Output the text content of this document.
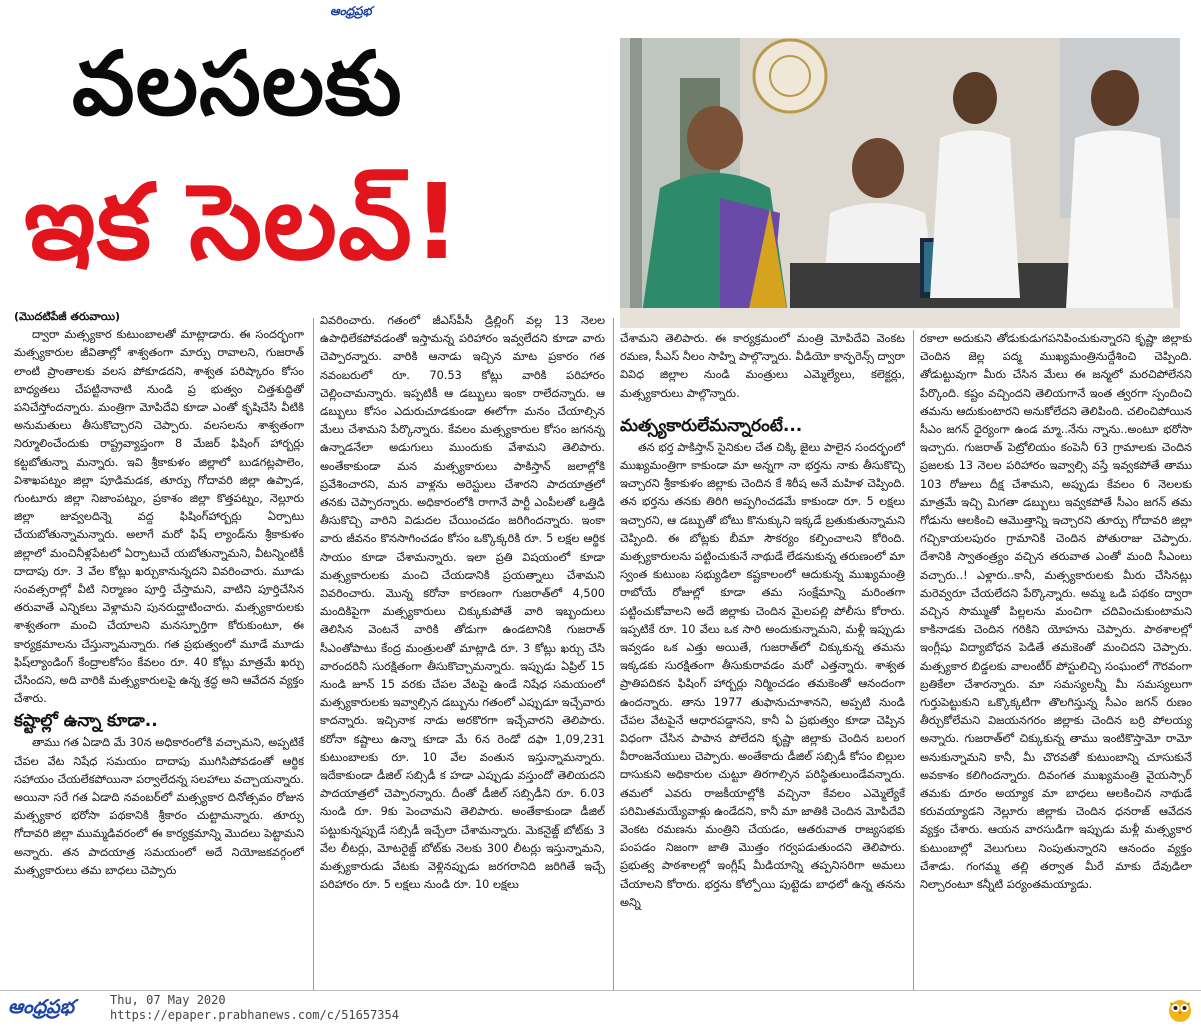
ఆంధ్రప్రభ
వలసలకు
ఇక సెలవ్!

(మొదటిపేజీ తరువాయి)

ద్వారా మత్స్యకార కుటుంబాలతో మాట్లాడారు. ఈ సందర్భంగా మత్స్యకారుల జీవితాల్లో శాశ్వతంగా మార్పు రావాలని, గుజరాత్ లాంటి ప్రాంతాలకు వలస పోకూడదని, శాశ్వత పరిష్కారం కోసం బాధ్యతలు చేపట్టినానాటి నుండి ప్ర భుత్వం చిత్తశుద్ధితో పనిచేస్తోందన్నారు. మంత్రిగా మోపిదేవి కూడా ఎంతో కృషిచేసి వీటికి అనుమతులు తీసుకొచ్చారని చెప్పారు. వలసలను శాశ్వతంగా నిర్మూలించేందుకు రాష్ట్రవ్యాప్తంగా 8 మేజర్ ఫిషింగ్ హార్బర్లు కట్టబోతున్నా మన్నారు. ఇవి శ్రీకాకుళం జిల్లాలో బుడగట్లపాలెం, విశాఖపట్నం జిల్లా పూడిమడక, తూర్పు గోదావరి జిల్లా ఉప్పాడ, గుంటూరు జిల్లా నిజాంపట్నం, ప్రకాశం జిల్లా కొత్తపట్నం, నెల్లూరు జిల్లా జువ్వలదిన్నె వద్ద ఫిషింగ్‌హార్బర్లు ఏర్పాటు చేయబోతున్నామన్నారు. అలాగే మరో ఫిష్ ల్యాండ్‌ను శ్రీకాకుళం జిల్లాలో మంచినీళ్లపేటలో ఏర్పాటుచే యబోతున్నామని, వీటన్నింటికీ దాదాపు రూ. 3 వేల కోట్లు ఖర్చుకానున్నదని వివరించారు. మూడు సంవత్సరాల్లో వీటి నిర్మాణం పూర్తి చేస్తామని, వాటిని పూర్తిచేసిన తరువాతే ఎన్నికలు వెళ్లామని పునరుద్ఘాటించారు. మత్స్యకారులకు శాశ్వతంగా మంచి చేయాలని మనస్ఫూర్తిగా కోరుకుంటూ, ఈ కార్యక్రమాలను చేస్తున్నామన్నారు. గత ప్రభుత్వంలో మూడే మూడు ఫిష్‌ల్యాండింగ్ కేంద్రాలకోసం కేవలం రూ. 40 కోట్లు మాత్రమే ఖర్చు చేసిందని, అది వారికి మత్స్యకారులపై ఉన్న శ్రద్ధ అని ఆవేదన వ్యక్తం చేశారు.

కష్టాల్లో ఉన్నా కూడా..

తాము గత ఏడాది మే 30న అధికారంలోకి వచ్చామని, అప్పటికే చేపల వేట నిషేధ సమయం దాదాపు ముగిసిపోవడంతో ఆర్థిక సహాయం చేయలేకపోయినా పర్వాలేదన్న సలహాలు వచ్చాయన్నారు. అయినా సరే గత ఏడాది నవంబర్‌లో మత్స్యకార దినోత్సవం రోజున మత్స్యకార భరోసా పథకానికి శ్రీకారం చుట్టామన్నారు. తూర్పు గోదావరి జిల్లా ముమ్మడివరంలో ఈ కార్యక్రమాన్ని మొదలు పెట్టామని అన్నారు. తన పాదయాత్ర సమయంలో అదే నియోజకవర్గంలో మత్స్యకారులు తమ బాధలు చెప్పారు

వివరించారు. గతంలో జీఎస్‌పీసీ డ్రిల్లింగ్ వల్ల 13 నెలల ఉపాధిలేకపోవడంతో ఇస్తామన్న పరిహారం ఇవ్వలేదని కూడా వారు చెప్పారన్నారు. వారికి ఆనాడు ఇచ్చిన మాట ప్రకారం గత నవంబరులో రూ. 70.53 కోట్లు వారికి పరిహారం చెల్లించామన్నారు. ఇప్పటికీ ఆ డబ్బులు ఇంకా రాలేదన్నారు. ఆ డబ్బులు కోసం ఎదురుచూడకుండా ఈలోగా మనం చేయాల్సిన మేలు చేశామని పేర్కొన్నారు. కేవలం మత్స్యకారుల కోసం జగనన్న ఉన్నాడనేలా అడుగులు ముందుకు వేశామని తెలిపారు. అంతేకాకుండా మన మత్స్యకారులు పాకిస్తాన్ జలాల్లోకి ప్రవేశించారని, మన వాళ్లను అరెస్టులు చేశారని పాదయాత్రలో తనకు చెప్పారన్నారు. అధికారంలోకి రాగానే పార్టీ ఎంపీలతో ఒత్తిడి తీసుకొచ్చి వారిని విడుదల చేయించడం జరిగిందన్నారు. ఇంకా వారు జీవనం కొనసాగించడం కోసం ఒక్కొక్కరికి రూ. 5 లక్షల ఆర్థిక సాయం కూడా చేశామన్నారు. ఇలా ప్రతి విషయంలో కూడా మత్స్యకారులకు మంచి చేయడానికి ప్రయత్నాలు చేశామని వివరించారు. మొన్న కరోనా కారణంగా గుజరాత్‌లో 4,500 మందికిపైగా మత్స్యకారులు చిక్కుకుపోతే వారి ఇబ్బందులు తెలిసిన వెంటనే వారికి తోడుగా ఉండటానికి గుజరాత్ సీఎంతోపాటు కేంద్ర మంత్రులతో మాట్లాడి రూ. 3 కోట్లు ఖర్చు చేసి వారందరినీ సురక్షితంగా తీసుకొచ్చామన్నారు. ఇప్పుడు ఏప్రిల్ 15 నుండి జూన్ 15 వరకు చేపల వేటపై ఉండే నిషేధ సమయంలో మత్స్యకారులకు ఇవ్వాల్సిన డబ్బును గతంలో ఎప్పుడూ ఇచ్చేవారు కాదన్నారు. ఇచ్చినాక నాడు అరకొరగా ఇచ్చేవారని తెలిపారు. కరోనా కష్టాలు ఉన్నా కూడా మే 6న రెండో దఫా 1,09,231 కుటుంబాలకు రూ. 10 వేల వంతున ఇస్తున్నామన్నారు. ఇదేకాకుండా డీజిల్ సబ్సిడీ క హడా ఎప్పుడు వస్తుందో తెలియదని పాదయాత్రలో చెప్పారన్నారు. దీంతో డీజిల్ సబ్సిడీని రూ. 6.03 నుండి రూ. 9కు పెంచామని తెలిపారు. అంతేకాకుండా డీజిల్ పట్టుకున్నప్పుడే సబ్సిడీ ఇచ్చేలా చేశామన్నారు. మెకనైజ్డ్ బోట్‌కు 3 వేల లీటర్లు, మోటరైజ్డ్ బోట్‌కు నెలకు 300 లీటర్లు ఇస్తున్నామని, మత్స్యకారుడు వేటకు వెళ్లినప్పుడు జరగరానిది జరిగితే ఇచ్చే పరిహారం రూ. 5 లక్షలు నుండి రూ. 10 లక్షలు

చేశామని తెలిపారు. ఈ కార్యక్రమంలో మంత్రి మోపిదేవి వెంకట రమణ, సీఎస్ నీలం సాహ్ని పాల్గొన్నారు. వీడియో కాన్ఫరెన్స్ ద్వారా వివిధ జిల్లాల నుండి మంత్రులు ఎమ్మెల్యేలు, కలెక్టర్లు, మత్స్యకారులు పాల్గొన్నారు.

మత్స్యకారులేమన్నారంటే...

తన భర్త పాకిస్తాన్ సైనికుల చేత చిక్కి జైలు పాలైన సందర్భంలో ముఖ్యమంత్రిగా కాకుండా మా అన్నగా నా భర్తను నాకు తీసుకొచ్చి ఇచ్చారని శ్రీకాకుళం జిల్లాకు చెందిన కే శిరీష అనే మహిళ చెప్పింది. తన భర్తను తనకు తిరిగి అప్పగించడమే కాకుండా రూ. 5 లక్షలు ఇచ్చారని, ఆ డబ్బుతో బోటు కొనుక్కుని ఇక్కడే బ్రతుకుతున్నామని చెప్పింది. ఈ బోట్లకు బీమా సౌకర్యం కల్పించాలని కోరింది. మత్స్యకారులను పట్టించుకునే నాథుడే లేడనుకున్న తరుణంలో మా స్వంత కుటుంబ సభ్యుడిలా కష్టకాలంలో ఆదుకున్న ముఖ్యమంత్రి రాబోయే రోజుల్లో కూడా తమ సంక్షేమాన్ని మరింతగా పట్టించుకోవాలని అదే జిల్లాకు చెందిన మైలపల్లి పోలీసు కోరారు. ఇప్పటికే రూ. 10 వేలు ఒక సారి అందుకున్నామని, మళ్లీ ఇప్పుడు ఇవ్వడం ఒక ఎత్తు అయితే, గుజరాత్‌లో చిక్కుకున్న తమను ఇక్కడకు సురక్షితంగా తీసుకురావడం మరో ఎత్తన్నారు. శాశ్వత ప్రాతిపదికన ఫిషింగ్ హార్బర్లు నిర్మించడం తమకెంతో ఆనందంగా ఉందన్నారు. తాను 1977 తుఫానుచూశానని, అప్పటి నుండి చేపల వేటపైనే ఆధారపడ్డానని, కానీ ఏ ప్రభుత్వం కూడా చెప్పిన విధంగా చేసిన పాపాన పోలేదని కృష్ణా జిల్లాకు చెందిన బలంగ వీరాంజనేయులు చెప్పారు. అంతేకాదు డీజిల్ సబ్సిడీ కోసం బిల్లుల దాసుకుని అధికారుల చుట్టూ తిరగాల్సిన పరిస్థితులుండేవన్నారు. తమలో ఎవరు రాజకీయాల్లోకి వచ్చినా కేవలం ఎమ్మెల్యేకే పరిమితమయ్యేవాళ్లు ఉండేదని, కానీ మా జాతికి చెందిన మోపిదేవి వెంకట రమణను మంత్రిని చేయడం, ఆతరువాత రాజ్యసభకు పంపడం నిజంగా జాతి మొత్తం గర్వపడుతుందని తెలిపారు. ప్రభుత్వ పాఠశాలల్లో ఇంగ్లీష్ మీడియాన్ని తప్పనిసరిగా అమలు చేయాలని కోరారు. భర్తను కోల్పోయి పుట్టెడు బాధలో ఉన్న తనను అన్ని

రకాలా అదుకుని తోడుకుడుగపనిపించుకున్నారని కృష్ణా జిల్లాకు చెందిన జెల్ల పద్మ ముఖ్యమంత్రినుద్దేశించి చెప్పింది. తోడుట్టువుగా మీరు చేసిన మేలు ఈ జన్మలో మరచిపోలేనని పేర్కొంది. కష్టం వచ్చిందని తెలియగానే ఇంత త్వరగా స్పందించి తమను ఆదుకుంటారని అనుకోలేదని తెలిపింది. చలించిపోయిన సీఎం జగన్ ధైర్యంగా ఉండ మ్మా..నేను న్నాను..అంటూ భరోసా ఇచ్చారు. గుజరాత్ పెట్రోలియం కంపెనీ 63 గ్రామాలకు చెందిన ప్రజలకు 13 నెలల పరిహారం ఇవ్వాల్సి వస్తే ఇవ్వకపోతే తాము 103 రోజులు దీక్ష చేశామని, అప్పుడు కేవలం 6 నెలలకు మాత్రమే ఇచ్చి మిగతా డబ్బులు ఇవ్వకపోతే సీఎం జగన్ తమ గోడును ఆలకించి ఆమొత్తాన్ని ఇచ్చారని తూర్పు గోదావరి జిల్లా గచ్చికాయలపురం గ్రామానికి చెందిన పోతురాజు చెప్పారు. దేశానికి స్వాతంత్ర్యం వచ్చిన తరువాత ఎంతో మంది సీఎంలు వచ్చారు..! ఎళ్లారు..కానీ, మత్స్యకారులకు మీరు చేసినట్లు మరెవ్వరూ చేయలేదని పేర్కొన్నారు. అమ్మ ఒడి పథకం ద్వారా వచ్చిన సొమ్ముతో పిల్లలను మంచిగా చదివించుకుంటామని కాకినాడకు చెందిన గరికిని యోహను చెప్పారు. పాఠశాలల్లో ఇంగ్లీషు విద్యాబోధన పెడితే తమకెంతో మంచిదని చెప్పారు. మత్స్యకార బిడ్డలకు వాలంటీర్ పోస్టులిచ్చి సంఘంలో గౌరవంగా బ్రతికేలా చేశారన్నారు. మా సమస్యలన్నీ మీ సమస్యలుగా గుర్తుపెట్టుకుని ఒక్కొక్కటిగా తొలగిస్తున్న సీఎం జగన్ రుణం తీర్చుకోలేమని విజయనగరం జిల్లాకు చెందిన బర్రి పోలయ్య అన్నారు. గుజరాత్‌లో చిక్కుకున్న తాము ఇంటికొస్తామో రామో అనుకున్నామని కానీ, మీ చొరవతో కుటుంబాన్ని చూసుకునే అవకాశం కలిగిందన్నారు. దివంగత ముఖ్యమంత్రి వైయస్సార్ తమకు దూరం అయ్యాక మా బాధలు ఆలకించిన నాథుడే కరువయ్యాడని నెల్లూరు జిల్లాకు చెందిన ధనరాజ్ ఆవేదన వ్యక్తం చేశారు. ఆయన వారసుడిగా ఇప్పుడు మళ్లీ మత్స్యకార కుటుంబాల్లో వెలుగులు నింపుతున్నారని ఆనందం వ్యక్తం చేశాడు. గంగమ్మ తల్లి తర్వాత మీరే మాకు దేవుడిలా నిల్చారంటూ కన్నీటి పర్యంతమయ్యాడు.

ఆంధ్రప్రభ	Thu, 07 May 2020
https://epaper.prabhanews.com/c/51657354
